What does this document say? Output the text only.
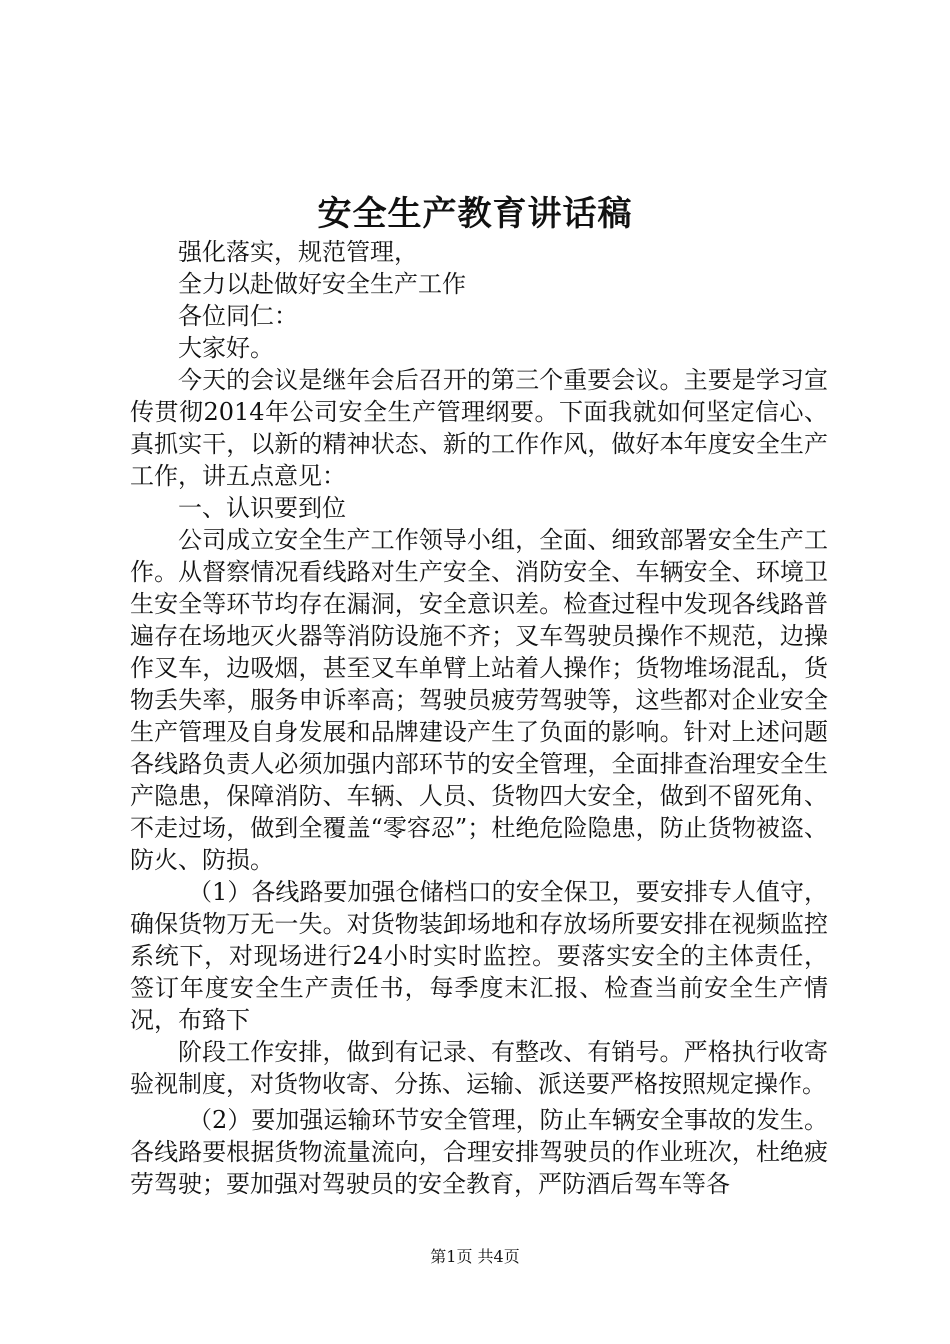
安全生产教育讲话稿

强化落实，规范管理，

全力以赴做好安全生产工作

各位同仁：

大家好。

今天的会议是继年会后召开的第三个重要会议。主要是学习宣传贯彻2014年公司安全生产管理纲要。下面我就如何坚定信心、真抓实干，以新的精神状态、新的工作作风，做好本年度安全生产工作，讲五点意见：

一、认识要到位

公司成立安全生产工作领导小组，全面、细致部署安全生产工作。从督察情况看线路对生产安全、消防安全、车辆安全、环境卫生安全等环节均存在漏洞，安全意识差。检查过程中发现各线路普遍存在场地灭火器等消防设施不齐；叉车驾驶员操作不规范，边操作叉车，边吸烟，甚至叉车单臂上站着人操作；货物堆场混乱，货物丢失率，服务申诉率高；驾驶员疲劳驾驶等，这些都对企业安全生产管理及自身发展和品牌建设产生了负面的影响。针对上述问题各线路负责人必须加强内部环节的安全管理，全面排查治理安全生产隐患，保障消防、车辆、人员、货物四大安全，做到不留死角、不走过场，做到全覆盖“零容忍”；杜绝危险隐患，防止货物被盗、防火、防损。

（1）各线路要加强仓储档口的安全保卫，要安排专人值守，确保货物万无一失。对货物装卸场地和存放场所要安排在视频监控系统下，对现场进行24小时实时监控。要落实安全的主体责任，签订年度安全生产责任书，每季度末汇报、检查当前安全生产情况，布臵下

阶段工作安排，做到有记录、有整改、有销号。严格执行收寄验视制度，对货物收寄、分拣、运输、派送要严格按照规定操作。

（2）要加强运输环节安全管理，防止车辆安全事故的发生。各线路要根据货物流量流向，合理安排驾驶员的作业班次，杜绝疲劳驾驶；要加强对驾驶员的安全教育，严防酒后驾车等各

第1页 共4页
